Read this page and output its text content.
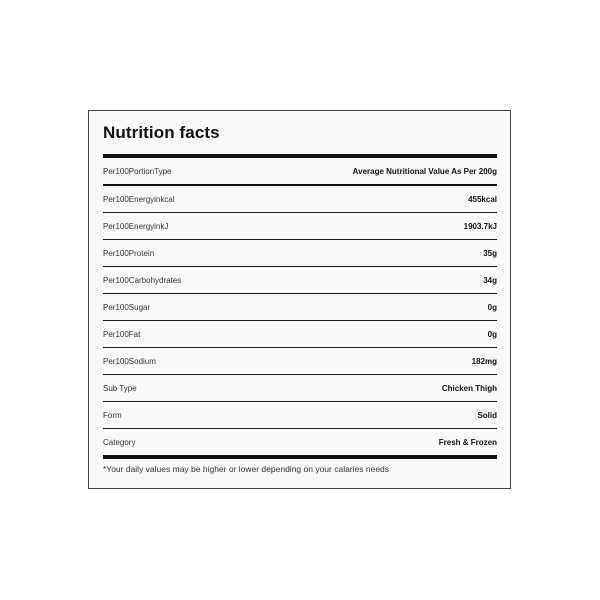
Nutrition facts
Per100PortionType	Average Nutritional Value As Per 200g
Per100Energyinkcal	455kcal
Per100EnergyinkJ	1903.7kJ
Per100Protein	35g
Per100Carbohydrates	34g
Per100Sugar	0g
Per100Fat	0g
Per100Sodium	182mg
Sub Type	Chicken Thigh
Form	Solid
Category	Fresh & Frozen
*Your daily values may be higher or lower depending on your calaries needs
